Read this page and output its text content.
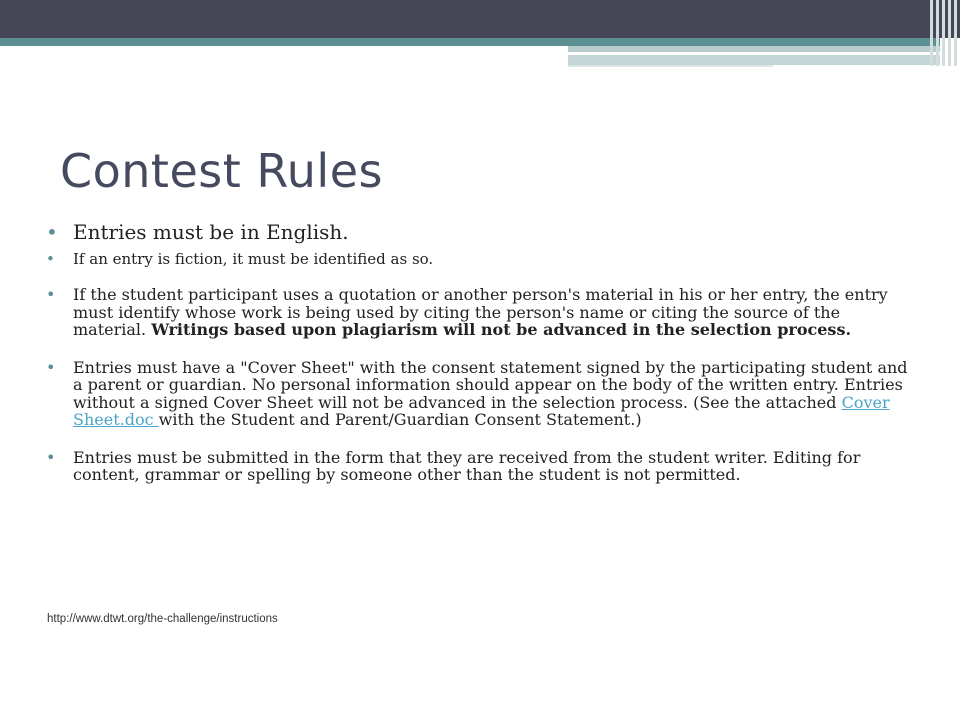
Contest Rules
• Entries must be in English.
• If an entry is fiction, it must be identified as so.
• If the student participant uses a quotation or another person's material in his or her entry, the entry must identify whose work is being used by citing the person's name or citing the source of the material. Writings based upon plagiarism will not be advanced in the selection process.
• Entries must have a "Cover Sheet" with the consent statement signed by the participating student and a parent or guardian. No personal information should appear on the body of the written entry. Entries without a signed Cover Sheet will not be advanced in the selection process. (See the attached Cover Sheet.doc with the Student and Parent/Guardian Consent Statement.)
• Entries must be submitted in the form that they are received from the student writer. Editing for content, grammar or spelling by someone other than the student is not permitted.
http://www.dtwt.org/the-challenge/instructions
